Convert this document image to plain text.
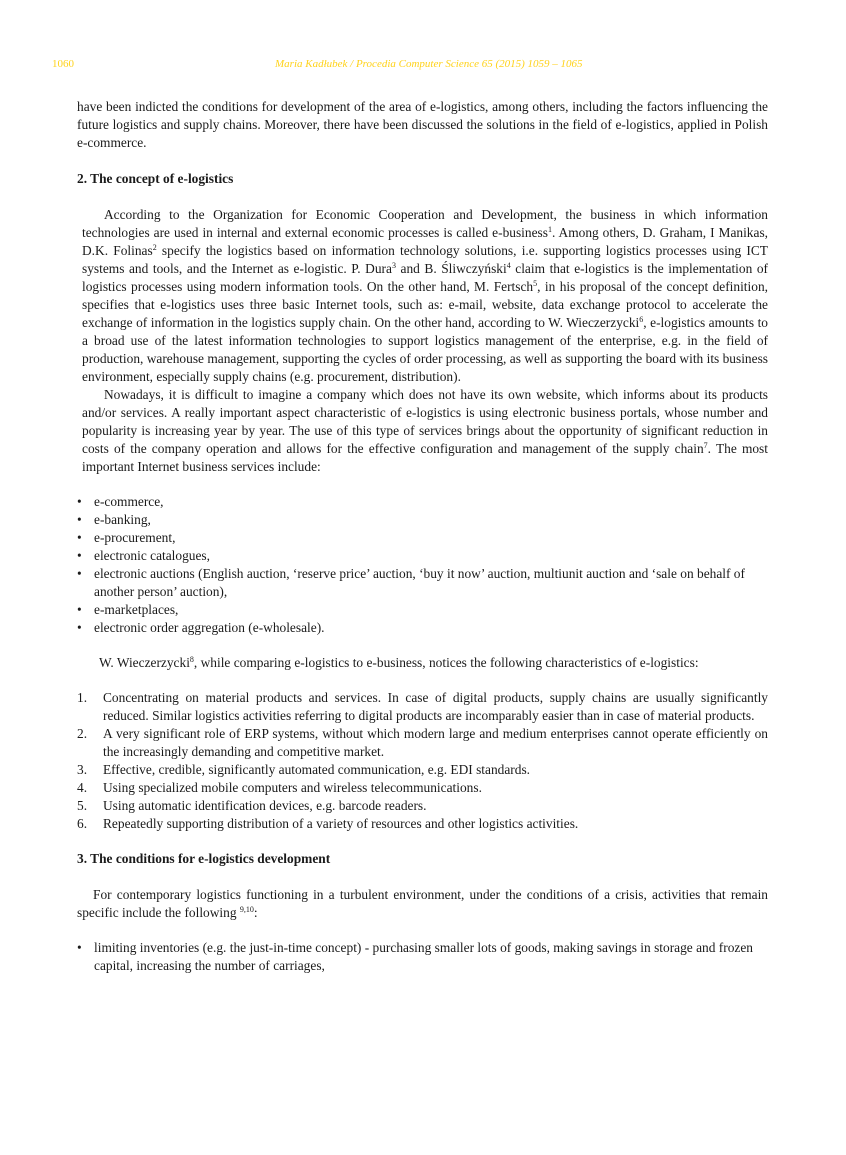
1060	Maria Kadłubek / Procedia Computer Science 65 (2015) 1059 – 1065

have been indicted the conditions for development of the area of e-logistics, among others, including the factors influencing the future logistics and supply chains. Moreover, there have been discussed the solutions in the field of e-logistics, applied in Polish e-commerce.

2. The concept of e-logistics

According to the Organization for Economic Cooperation and Development, the business in which information technologies are used in internal and external economic processes is called e-business$^1$. Among others, D. Graham, I Manikas, D.K. Folinas$^2$ specify the logistics based on information technology solutions, i.e. supporting logistics processes using ICT systems and tools, and the Internet as e-logistic. P. Dura$^3$ and B. Śliwczyński$^4$ claim that e-logistics is the implementation of logistics processes using modern information tools. On the other hand, M. Fertsch$^5$, in his proposal of the concept definition, specifies that e-logistics uses three basic Internet tools, such as: e-mail, website, data exchange protocol to accelerate the exchange of information in the logistics supply chain. On the other hand, according to W. Wieczerzycki$^6$, e-logistics amounts to a broad use of the latest information technologies to support logistics management of the enterprise, e.g. in the field of production, warehouse management, supporting the cycles of order processing, as well as supporting the board with its business environment, especially supply chains (e.g. procurement, distribution).

Nowadays, it is difficult to imagine a company which does not have its own website, which informs about its products and/or services. A really important aspect characteristic of e-logistics is using electronic business portals, whose number and popularity is increasing year by year. The use of this type of services brings about the opportunity of significant reduction in costs of the company operation and allows for the effective configuration and management of the supply chain$^7$. The most important Internet business services include:

• e-commerce,
• e-banking,
• e-procurement,
• electronic catalogues,
• electronic auctions (English auction, ‘reserve price’ auction, ‘buy it now’ auction, multiunit auction and ‘sale on behalf of another person’ auction),
• e-marketplaces,
• electronic order aggregation (e-wholesale).

W. Wieczerzycki$^8$, while comparing e-logistics to e-business, notices the following characteristics of e-logistics:

1. Concentrating on material products and services. In case of digital products, supply chains are usually significantly reduced. Similar logistics activities referring to digital products are incomparably easier than in case of material products.
2. A very significant role of ERP systems, without which modern large and medium enterprises cannot operate efficiently on the increasingly demanding and competitive market.
3. Effective, credible, significantly automated communication, e.g. EDI standards.
4. Using specialized mobile computers and wireless telecommunications.
5. Using automatic identification devices, e.g. barcode readers.
6. Repeatedly supporting distribution of a variety of resources and other logistics activities.
3. The conditions for e-logistics development

For contemporary logistics functioning in a turbulent environment, under the conditions of a crisis, activities that remain specific include the following $^{9,10}$:

• limiting inventories (e.g. the just-in-time concept) - purchasing smaller lots of goods, making savings in storage and frozen capital, increasing the number of carriages,
